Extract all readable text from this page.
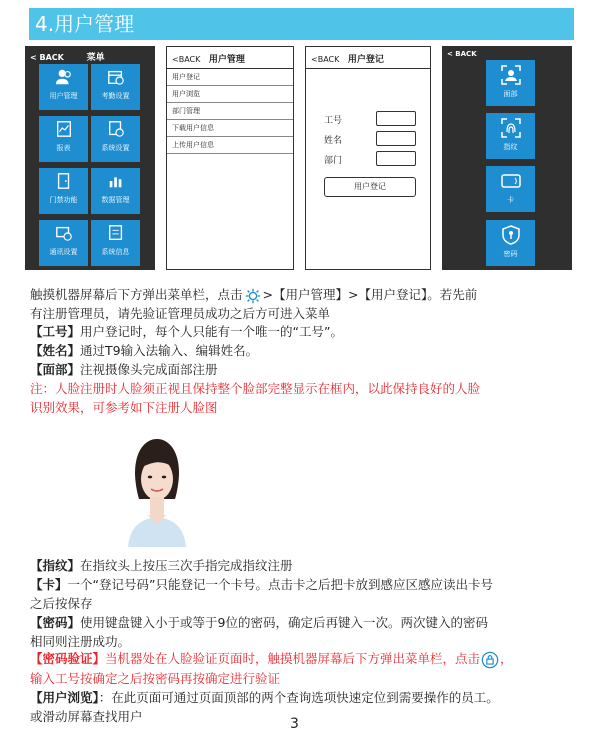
4.用户管理
< BACK	菜单
用户管理	考勤设置
报表	系统设置
门禁功能	数据管理
通讯设置	系统信息
<BACK 用户管理
用户登记
用户浏览
部门管理
下载用户信息
上传用户信息
<BACK 用户登记
工号
姓名
部门
用户登记
< BACK
面部
指纹
卡
密码
触摸机器屏幕后下方弹出菜单栏，点击 >【用户管理】>【用户登记】。若先前
有注册管理员，请先验证管理员成功之后方可进入菜单
【工号】用户登记时，每个人只能有一个唯一的“工号”。
【姓名】通过T9输入法输入、编辑姓名。
【面部】注视摄像头完成面部注册
注：人脸注册时人脸须正视且保持整个脸部完整显示在框内，以此保持良好的人脸
识别效果，可参考如下注册人脸图
【指纹】在指纹头上按压三次手指完成指纹注册
【卡】一个“登记号码”只能登记一个卡号。点击卡之后把卡放到感应区感应读出卡号
之后按保存
【密码】使用键盘键入小于或等于9位的密码，确定后再键入一次。两次键入的密码
相同则注册成功。
【密码验证】当机器处在人脸验证页面时，触摸机器屏幕后下方弹出菜单栏，点击 ，
输入工号按确定之后按密码再按确定进行验证
【用户浏览】：在此页面可通过页面顶部的两个查询选项快速定位到需要操作的员工。
或滑动屏幕查找用户	3
